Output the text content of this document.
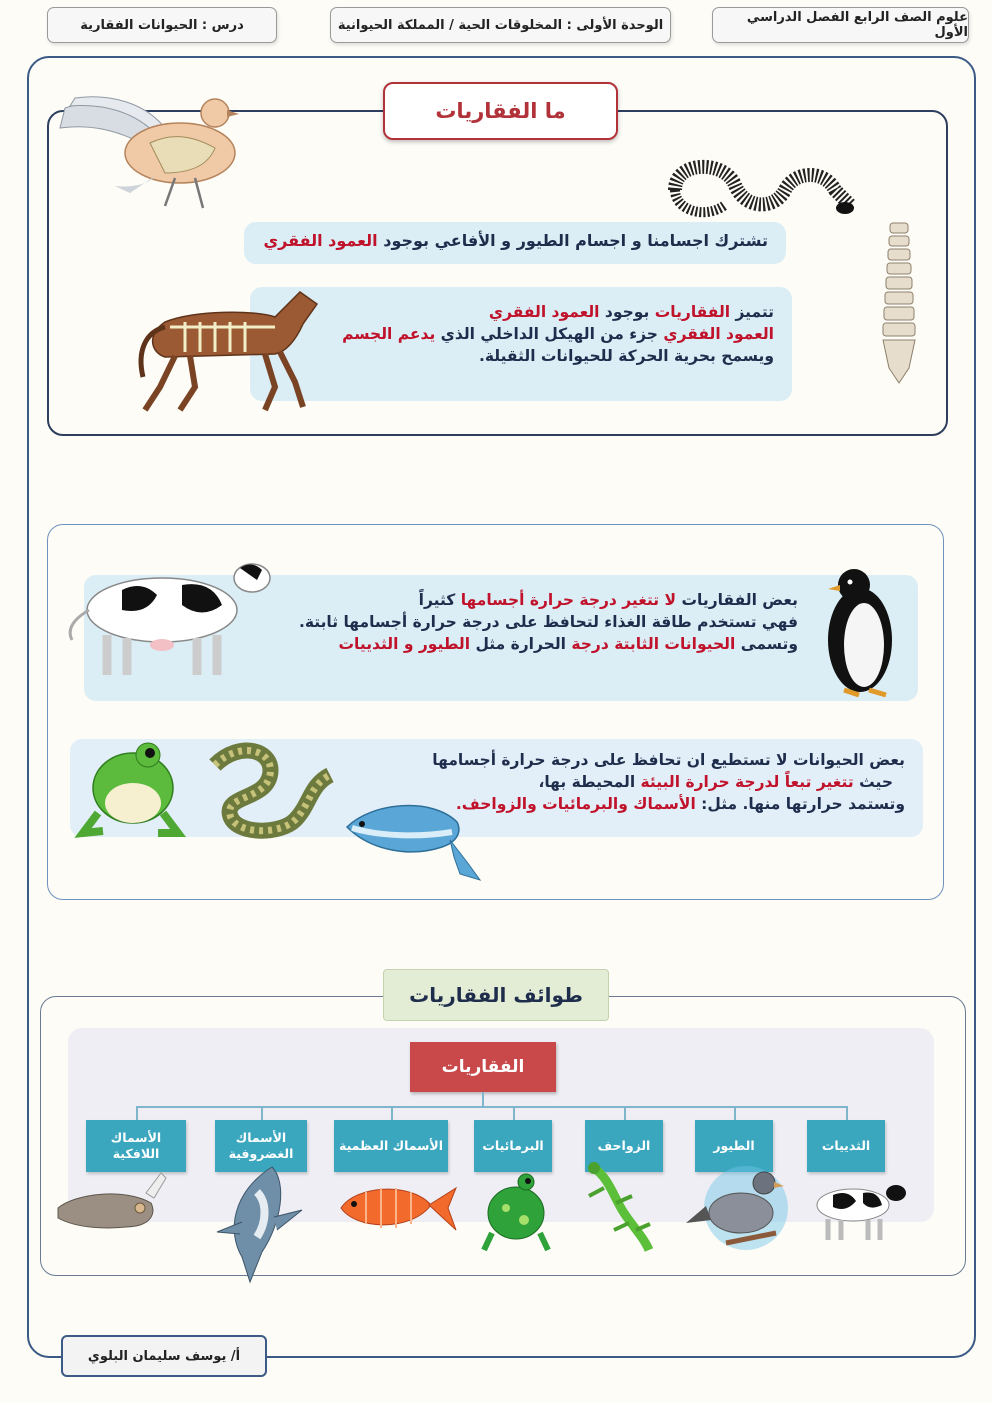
علوم الصف الرابع الفصل الدراسي الأول
الوحدة الأولى : المخلوقات الحية / المملكة الحيوانية
درس : الحيوانات الفقارية
ما الفقاريات
تشترك اجسامنا و اجسام الطيور و الأفاعي بوجود العمود الفقري
تتميز الفقاريات بوجود العمود الفقري
العمود الفقري جزء من الهيكل الداخلي الذي يدعم الجسم
ويسمح بحرية الحركة للحيوانات الثقيلة.
بعض الفقاريات لا تتغير درجة حرارة أجسامها كثيراً
فهي تستخدم طاقة الغذاء لتحافظ على درجة حرارة أجسامها ثابتة.
وتسمى الحيوانات الثابتة درجة الحرارة مثل الطيور و الثدييات
بعض الحيوانات لا تستطيع ان تحافظ على درجة حرارة أجسامها
حيث تتغير تبعاً لدرجة حرارة البيئة المحيطة بها،
وتستمد حرارتها منها. مثل: الأسماك والبرمائيات والزواحف.
طوائف الفقاريات
الفقاريات
الثدييات
الطيور
الزواحف
البرمائيات
الأسماك العظمية
الأسماك الغضروفية
الأسماك اللافكية
أ/ يوسف سليمان البلوي
